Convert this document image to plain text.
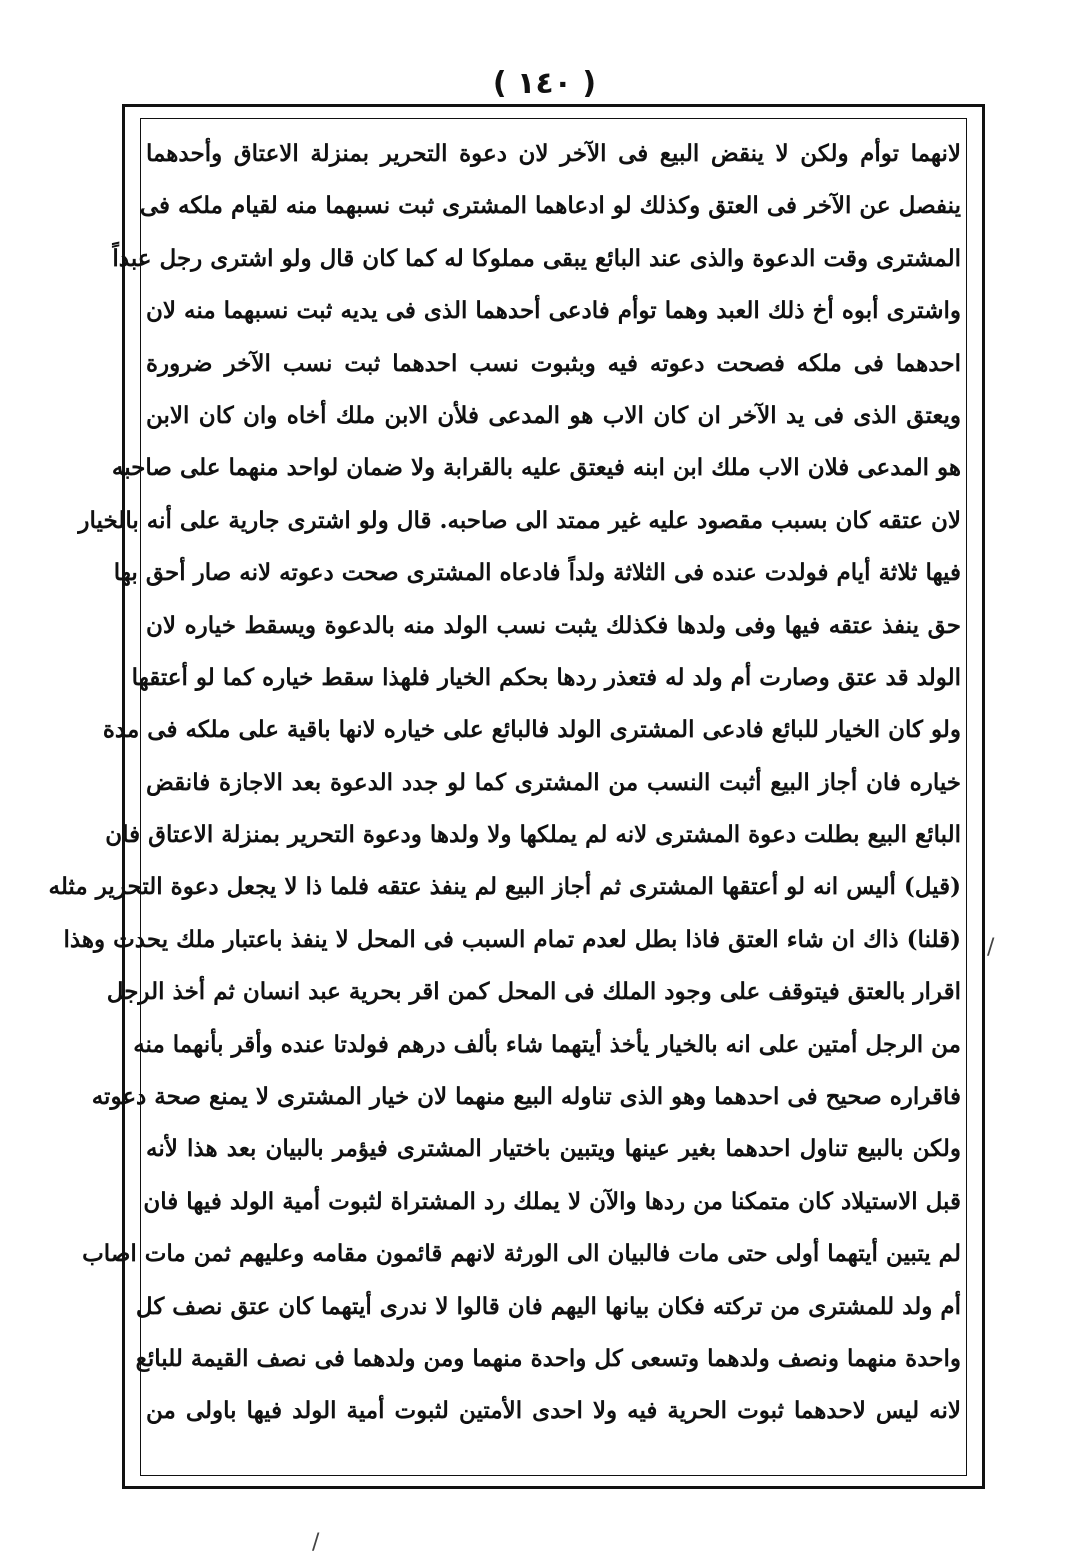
( ١٤٠ )
لانهما توأم ولكن لا ينقض البيع فى الآخر لان دعوة التحرير بمنزلة الاعتاق وأحدهما
ينفصل عن الآخر فى العتق وكذلك لو ادعاهما المشترى ثبت نسبهما منه لقيام ملكه فى
المشترى وقت الدعوة والذى عند البائع يبقى مملوكا له كما كان قال ولو اشترى رجل عبداً
واشترى أبوه أخ ذلك العبد وهما توأم فادعى أحدهما الذى فى يديه ثبت نسبهما منه لان
احدهما فى ملكه فصحت دعوته فيه وبثبوت نسب احدهما ثبت نسب الآخر ضرورة
ويعتق الذى فى يد الآخر ان كان الاب هو المدعى فلأن الابن ملك أخاه وان كان الابن
هو المدعى فلان الاب ملك ابن ابنه فيعتق عليه بالقرابة ولا ضمان لواحد منهما على صاحبه
لان عتقه كان بسبب مقصود عليه غير ممتد الى صاحبه. قال ولو اشترى جارية على أنه بالخيار
فيها ثلاثة أيام فولدت عنده فى الثلاثة ولداً فادعاه المشترى صحت دعوته لانه صار أحق بها
حق ينفذ عتقه فيها وفى ولدها فكذلك يثبت نسب الولد منه بالدعوة ويسقط خياره لان
الولد قد عتق وصارت أم ولد له فتعذر ردها بحكم الخيار فلهذا سقط خياره كما لو أعتقها
ولو كان الخيار للبائع فادعى المشترى الولد فالبائع على خياره لانها باقية على ملكه فى مدة
خياره فان أجاز البيع أثبت النسب من المشترى كما لو جدد الدعوة بعد الاجازة فانقض
البائع البيع بطلت دعوة المشترى لانه لم يملكها ولا ولدها ودعوة التحرير بمنزلة الاعتاق فان
(قيل) أليس انه لو أعتقها المشترى ثم أجاز البيع لم ينفذ عتقه فلما ذا لا يجعل دعوة التحرير مثله
(قلنا) ذاك ان شاء العتق فاذا بطل لعدم تمام السبب فى المحل لا ينفذ باعتبار ملك يحدث وهذا
اقرار بالعتق فيتوقف على وجود الملك فى المحل كمن اقر بحرية عبد انسان ثم أخذ الرجل
من الرجل أمتين على انه بالخيار يأخذ أيتهما شاء بألف درهم فولدتا عنده وأقر بأنهما منه
فاقراره صحيح فى احدهما وهو الذى تناوله البيع منهما لان خيار المشترى لا يمنع صحة دعوته
ولكن بالبيع تناول احدهما بغير عينها ويتبين باختيار المشترى فيؤمر بالبيان بعد هذا لأنه
قبل الاستيلاد كان متمكنا من ردها والآن لا يملك رد المشتراة لثبوت أمية الولد فيها فان
لم يتبين أيتهما أولى حتى مات فالبيان الى الورثة لانهم قائمون مقامه وعليهم ثمن مات اصاب
أم ولد للمشترى من تركته فكان بيانها اليهم فان قالوا لا ندرى أيتهما كان عتق نصف كل
واحدة منهما ونصف ولدهما وتسعى كل واحدة منهما ومن ولدهما فى نصف القيمة للبائع
لانه ليس لاحدهما ثبوت الحرية فيه ولا احدى الأمتين لثبوت أمية الولد فيها باولى من
/
/
